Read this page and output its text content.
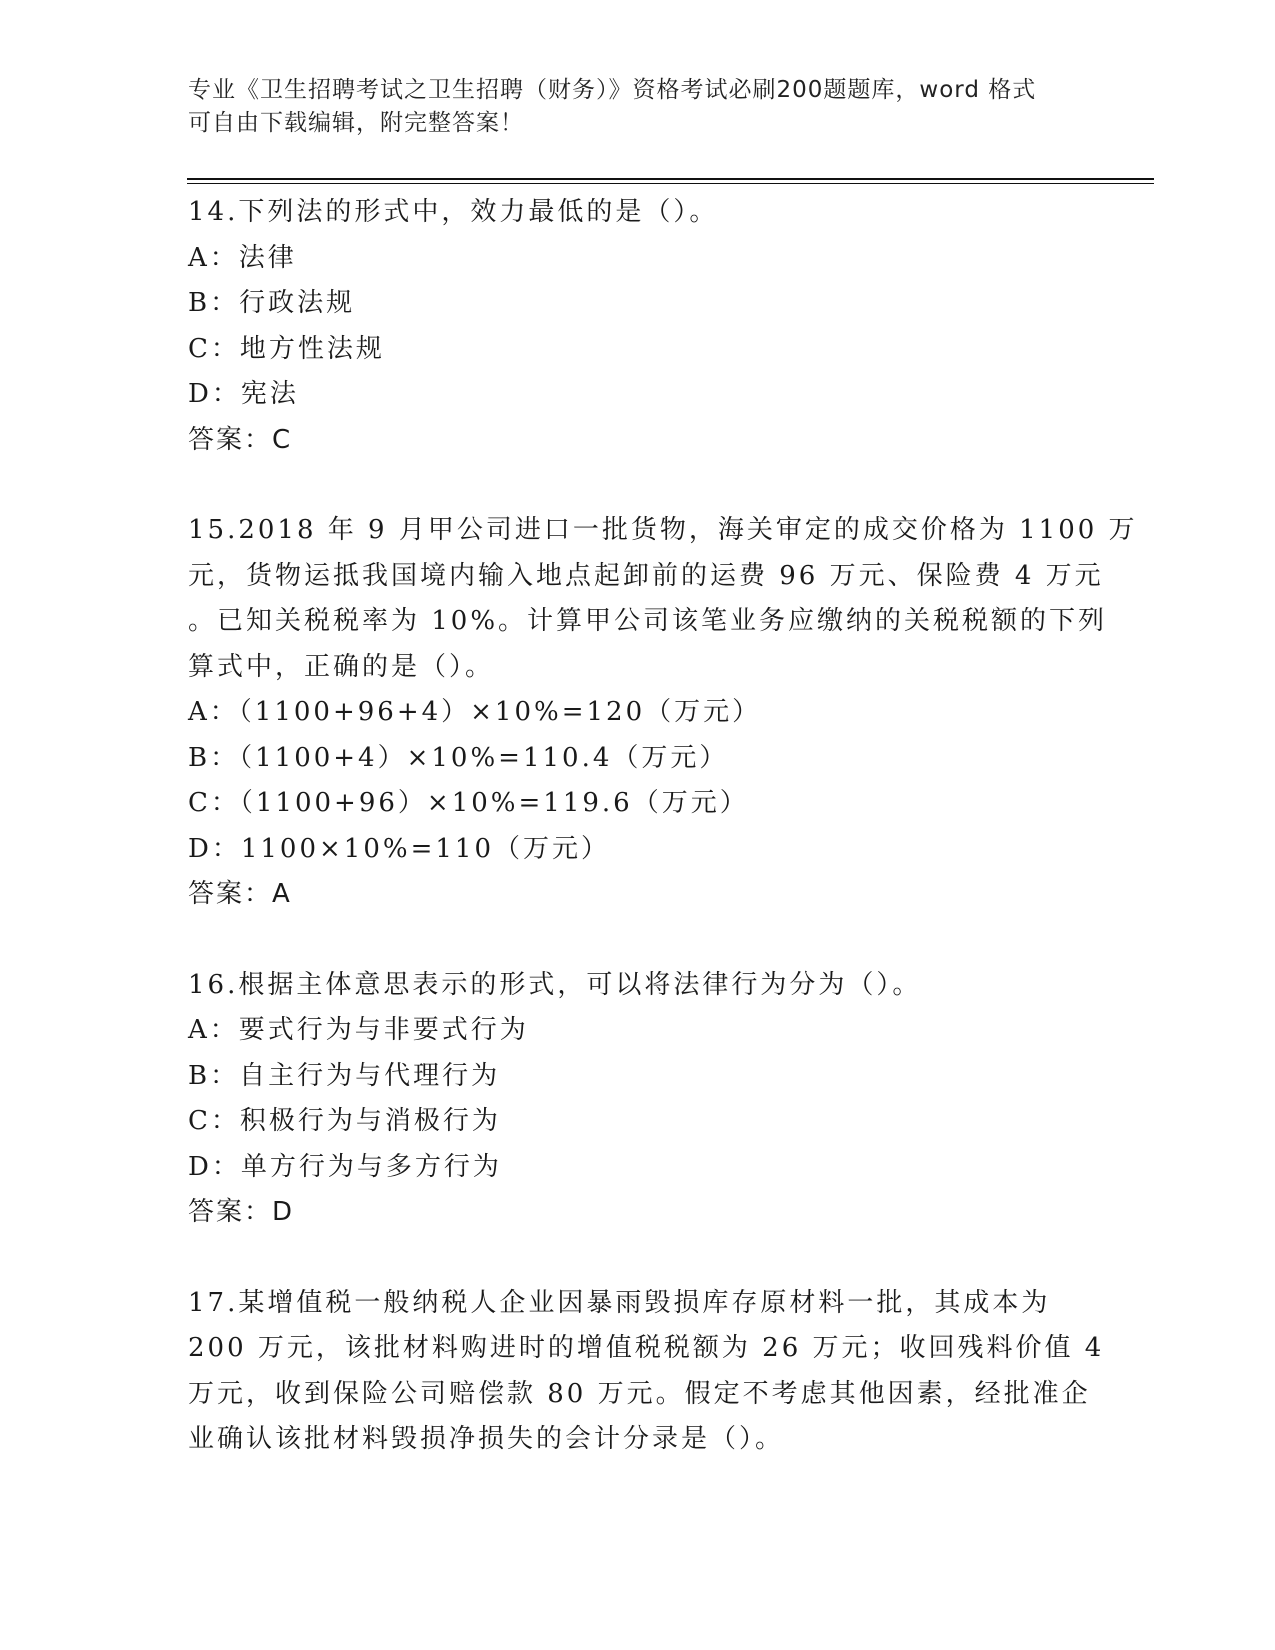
专业《卫生招聘考试之卫生招聘（财务）》资格考试必刷200题题库，word 格式
可自由下载编辑，附完整答案！
14.下列法的形式中，效力最低的是（）。
A：法律
B：行政法规
C：地方性法规
D：宪法
答案：C
15.2018 年 9 月甲公司进口一批货物，海关审定的成交价格为 1100 万
元，货物运抵我国境内输入地点起卸前的运费 96 万元、保险费 4 万元
。已知关税税率为 10%。计算甲公司该笔业务应缴纳的关税税额的下列
算式中，正确的是（）。
A：（1100+96+4）×10%=120（万元）
B：（1100+4）×10%=110.4（万元）
C：（1100+96）×10%=119.6（万元）
D：1100×10%=110（万元）
答案：A
16.根据主体意思表示的形式，可以将法律行为分为（）。
A：要式行为与非要式行为
B：自主行为与代理行为
C：积极行为与消极行为
D：单方行为与多方行为
答案：D
17.某增值税一般纳税人企业因暴雨毁损库存原材料一批，其成本为
200 万元，该批材料购进时的增值税税额为 26 万元；收回残料价值 4
万元，收到保险公司赔偿款 80 万元。假定不考虑其他因素，经批准企
业确认该批材料毁损净损失的会计分录是（）。
